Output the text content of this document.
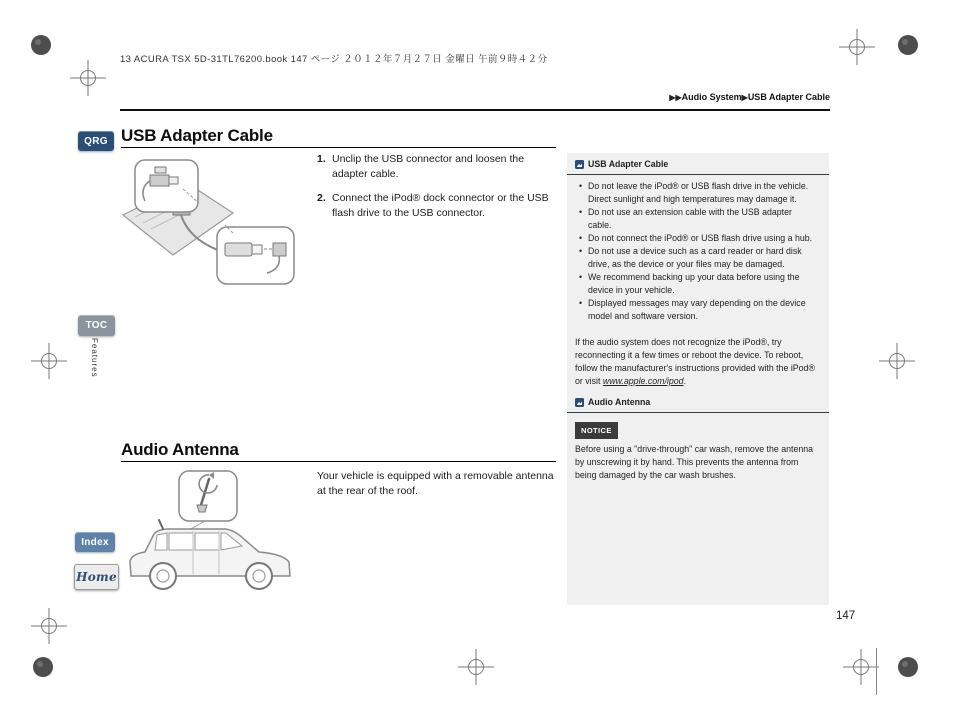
13 ACURA TSX 5D-31TL76200.book 147 ページ ２０１２年７月２７日 金曜日 午前９時４２分
▶▶Audio System▶USB Adapter Cable
QRG
TOC
Features
Index
Home
USB Adapter Cable
1. Unclip the USB connector and loosen the adapter cable.
2. Connect the iPod® dock connector or the USB flash drive to the USB connector.
USB Adapter Cable
• Do not leave the iPod® or USB flash drive in the vehicle. Direct sunlight and high temperatures may damage it.
• Do not use an extension cable with the USB adapter cable.
• Do not connect the iPod® or USB flash drive using a hub.
• Do not use a device such as a card reader or hard disk drive, as the device or your files may be damaged.
• We recommend backing up your data before using the device in your vehicle.
• Displayed messages may vary depending on the device model and software version.
If the audio system does not recognize the iPod®, try reconnecting it a few times or reboot the device. To reboot, follow the manufacturer's instructions provided with the iPod® or visit www.apple.com/ipod.
Audio Antenna
NOTICE

Before using a "drive-through" car wash, remove the antenna by unscrewing it by hand. This prevents the antenna from being damaged by the car wash brushes.

Audio Antenna
Your vehicle is equipped with a removable antenna at the rear of the roof.
147
